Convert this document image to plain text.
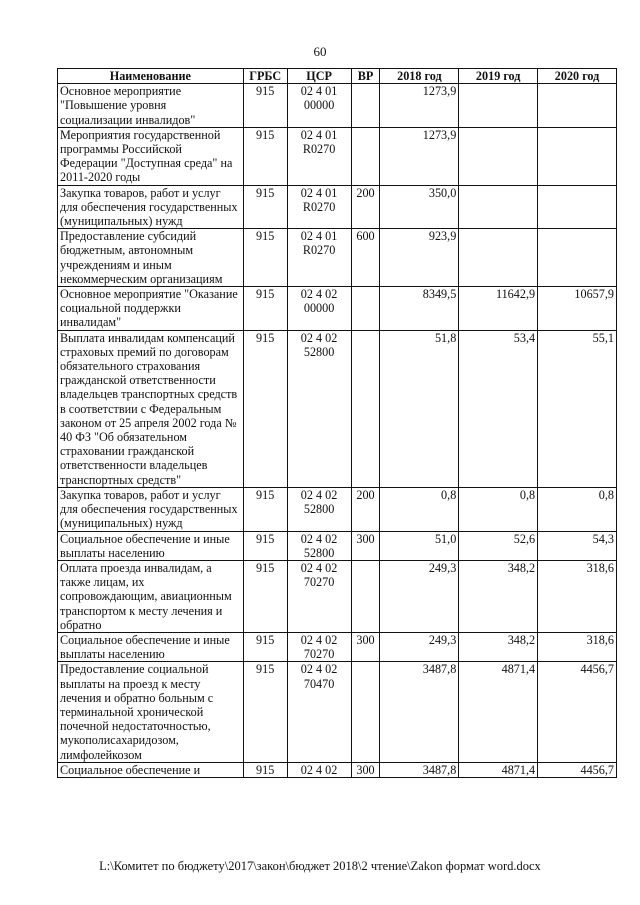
60
Наименование	ГРБС	ЦСР	ВР	2018 год	2019 год	2020 год
Основное мероприятие "Повышение уровня социализации инвалидов"	915	02 4 01 00000		1273,9		
Мероприятия государственной программы Российской Федерации "Доступная среда" на 2011-2020 годы	915	02 4 01 R0270		1273,9		
Закупка товаров, работ и услуг для обеспечения государственных (муниципальных) нужд	915	02 4 01 R0270	200	350,0		
Предоставление субсидий бюджетным, автономным учреждениям и иным некоммерческим организациям	915	02 4 01 R0270	600	923,9		
Основное мероприятие "Оказание социальной поддержки инвалидам"	915	02 4 02 00000		8349,5	11642,9	10657,9
Выплата инвалидам компенсаций страховых премий по договорам обязательного страхования гражданской ответственности владельцев транспортных средств в соответствии с Федеральным законом от 25 апреля 2002 года № 40 ФЗ "Об обязательном страховании гражданской ответственности владельцев транспортных средств"	915	02 4 02 52800		51,8	53,4	55,1
Закупка товаров, работ и услуг для обеспечения государственных (муниципальных) нужд	915	02 4 02 52800	200	0,8	0,8	0,8
Социальное обеспечение и иные выплаты населению	915	02 4 02 52800	300	51,0	52,6	54,3
Оплата проезда инвалидам, а также лицам, их сопровождающим, авиационным транспортом к месту лечения и обратно	915	02 4 02 70270		249,3	348,2	318,6
Социальное обеспечение и иные выплаты населению	915	02 4 02 70270	300	249,3	348,2	318,6
Предоставление социальной выплаты на проезд к месту лечения и обратно больным с терминальной хронической почечной недостаточностью, мукополисахаридозом, лимфолейкозом	915	02 4 02 70470		3487,8	4871,4	4456,7
Социальное обеспечение и	915	02 4 02	300	3487,8	4871,4	4456,7
L:\Комитет по бюджету\2017\закон\бюджет 2018\2 чтение\Zakon формат word.docx
